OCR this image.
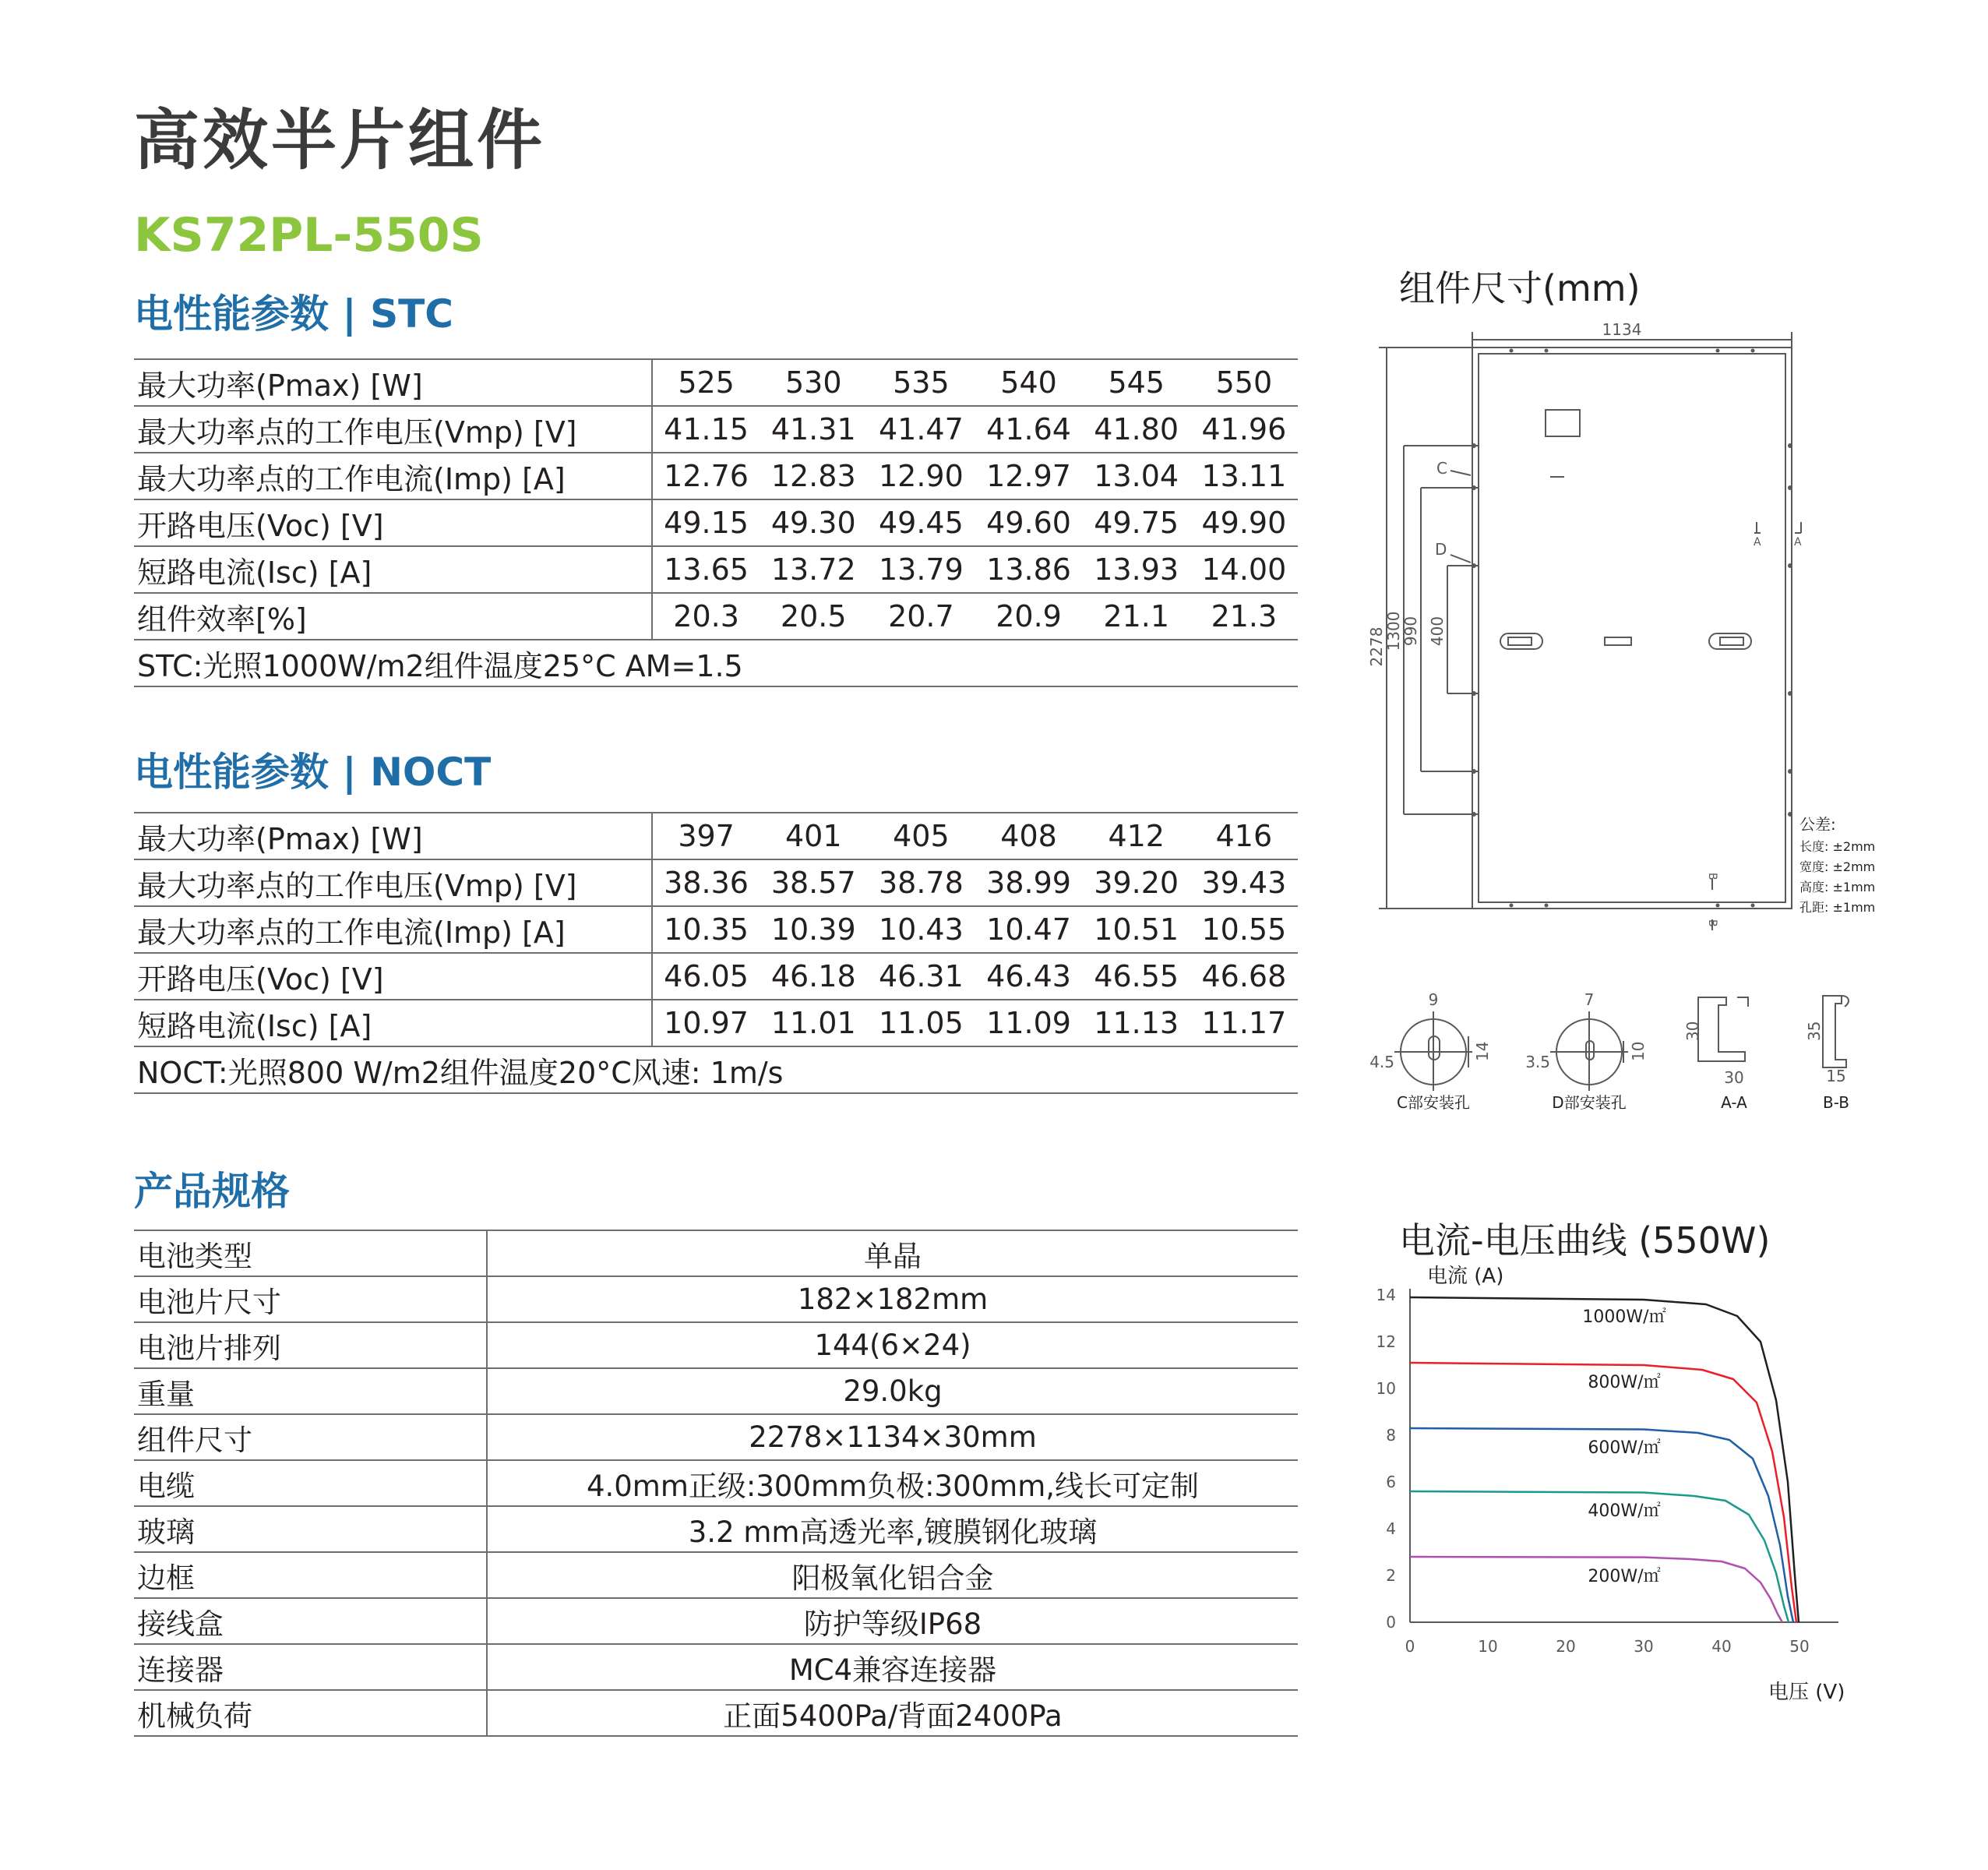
高效半片组件
KS72PL-550S
电性能参数 | STC
最大功率(Pmax) [W]	525	530	535	540	545	550
最大功率点的工作电压(Vmp) [V]	41.15	41.31	41.47	41.64	41.80	41.96
最大功率点的工作电流(Imp) [A]	12.76	12.83	12.90	12.97	13.04	13.11
开路电压(Voc) [V]	49.15	49.30	49.45	49.60	49.75	49.90
短路电流(Isc) [A]	13.65	13.72	13.79	13.86	13.93	14.00
组件效率[%]	20.3	20.5	20.7	20.9	21.1	21.3
STC:光照1000W/m2组件温度25°C AM=1.5						
电性能参数 | NOCT
最大功率(Pmax) [W]	397	401	405	408	412	416
最大功率点的工作电压(Vmp) [V]	38.36	38.57	38.78	38.99	39.20	39.43
最大功率点的工作电流(Imp) [A]	10.35	10.39	10.43	10.47	10.51	10.55
开路电压(Voc) [V]	46.05	46.18	46.31	46.43	46.55	46.68
短路电流(Isc) [A]	10.97	11.01	11.05	11.09	11.13	11.17
NOCT:光照800 W/m2组件温度20°C风速: 1m/s						
产品规格
电池类型	单晶
电池片尺寸	182×182mm
电池片排列	144(6×24)
重量	29.0kg
组件尺寸	2278×1134×30mm
电缆	4.0mm正级:300mm负极:300mm,线长可定制
玻璃	3.2 mm高透光率,镀膜钢化玻璃
边框	阳极氧化铝合金
接线盒	防护等级IP68
连接器	MC4兼容连接器
机械负荷	正面5400Pa/背面2400Pa
组件尺寸(mm)
1134
2278
1300
990 400
C
D	A	A
B
B
公差:
长度: ±2mm
宽度: ±2mm
高度: ±1mm
孔距: ±1mm
9
4.5
14
C部安装孔
7
3.5
10
D部安装孔
30
30
A-A
35
15
B-B
电流-电压曲线 (550W)
0
2
4
6
8
10
12
14
0	10	20	30	40	50
电流 (A)
电压 (V)
1000W/㎡
800W/㎡
600W/㎡
400W/㎡
200W/㎡
